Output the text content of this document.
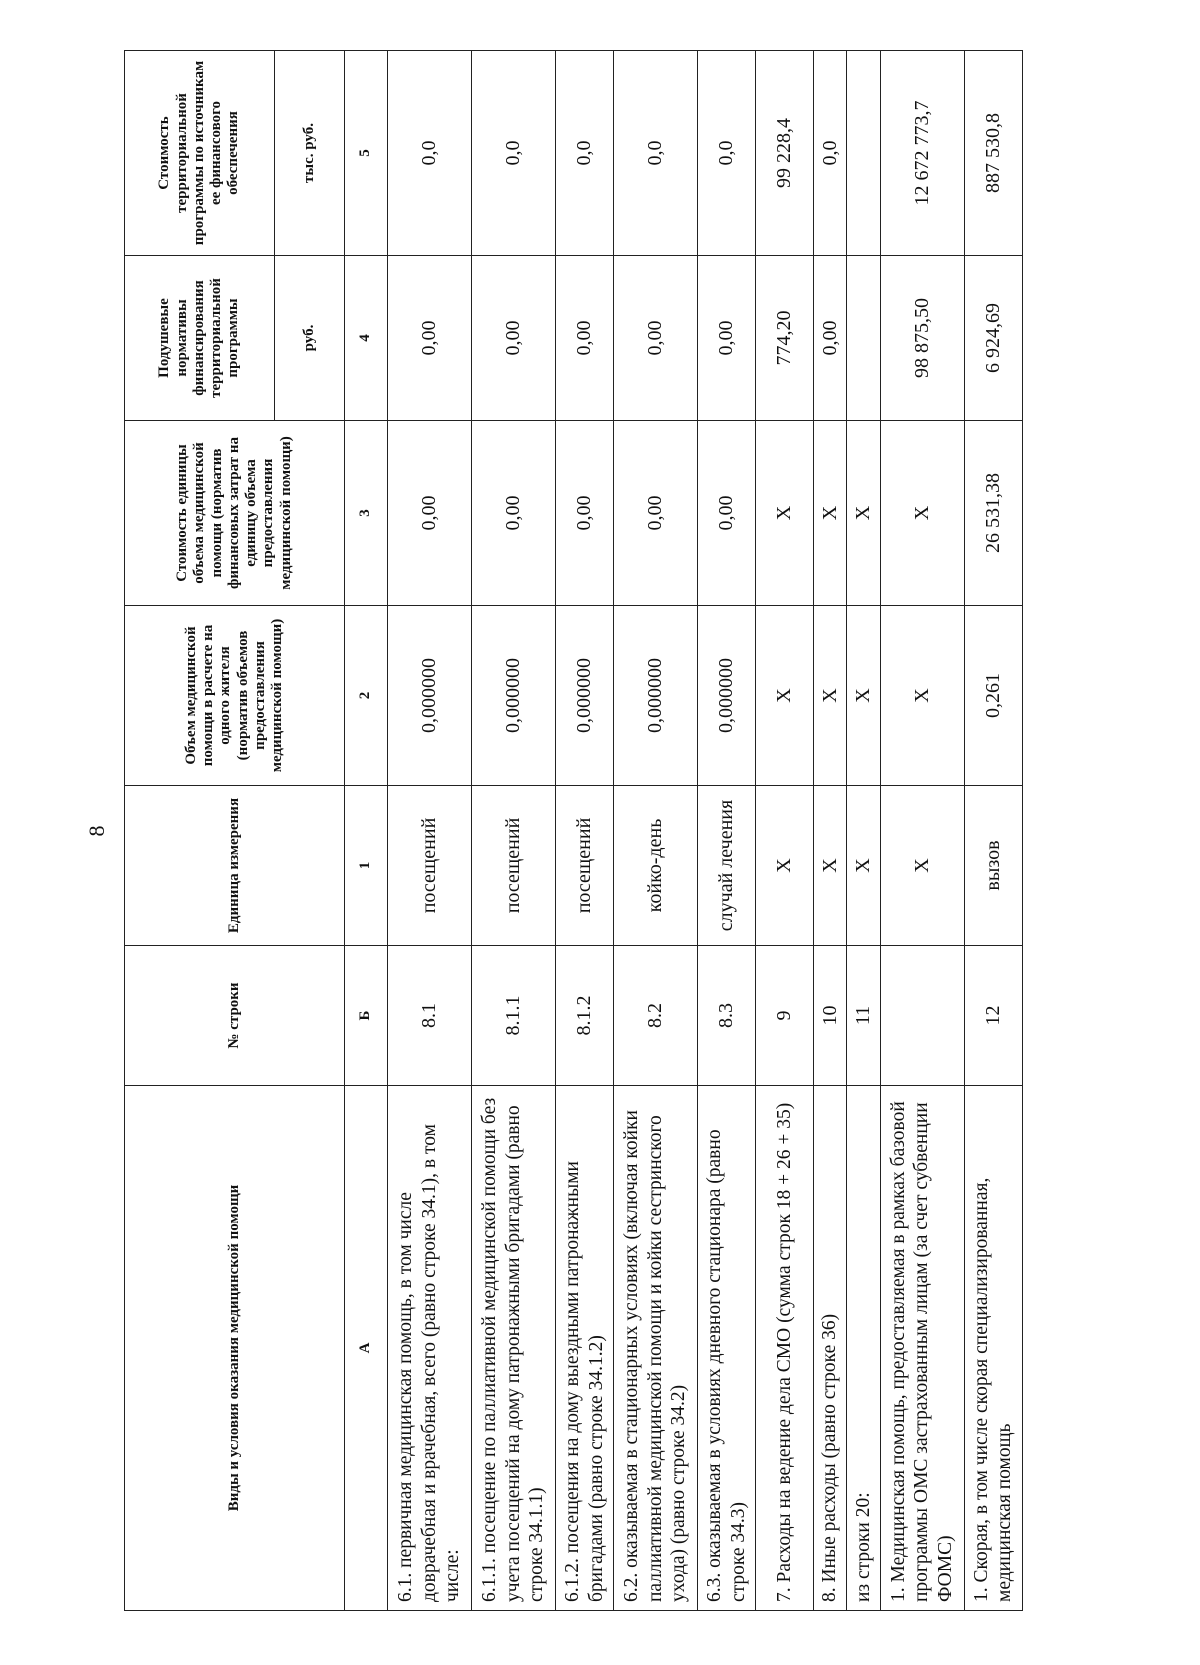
8
Виды и условия оказания медицинской помощи	№ строки	Единица измерения	Объем медицинской помощи в расчете на одного жителя (норматив объемов предоставления медицинской помощи)	Стоимость единицы объема медицинской помощи (норматив финансовых затрат на единицу объема предоставления медицинской помощи)	Подушевые нормативы финансирования территориальной программы	Стоимость территориальной программы по источникам ее финансового обеспечения
					руб.	тыс. руб.
А	Б	1	2	3	4	5
6.1. первичная медицинская помощь, в том числе доврачебная и врачебная, всего (равно строке 34.1), в том числе:	8.1	посещений	0,000000	0,00	0,00	0,0
6.1.1. посещение по паллиативной медицинской помощи без учета посещений на дому патронажными бригадами (равно строке 34.1.1)	8.1.1	посещений	0,000000	0,00	0,00	0,0
6.1.2. посещения на дому выездными патронажными бригадами (равно строке 34.1.2)	8.1.2	посещений	0,000000	0,00	0,00	0,0
6.2. оказываемая в стационарных условиях (включая койки паллиативной медицинской помощи и койки сестринского ухода) (равно строке 34.2)	8.2	койко-день	0,000000	0,00	0,00	0,0
6.3. оказываемая в условиях дневного стационара (равно строке 34.3)	8.3	случай лечения	0,000000	0,00	0,00	0,0
7. Расходы на ведение дела СМО (сумма строк 18 + 26 + 35)	9	X	X	X	774,20	99 228,4
8. Иные расходы (равно строке 36)	10	X	X	X	0,00	0,0
из строки 20:	11	X	X	X		
1. Медицинская помощь, предоставляемая в рамках базовой программы ОМС застрахованным лицам (за счет субвенции ФОМС)		X	X	X	98 875,50	12 672 773,7
1. Скорая, в том числе скорая специализированная, медицинская помощь	12	вызов	0,261	26 531,38	6 924,69	887 530,8
